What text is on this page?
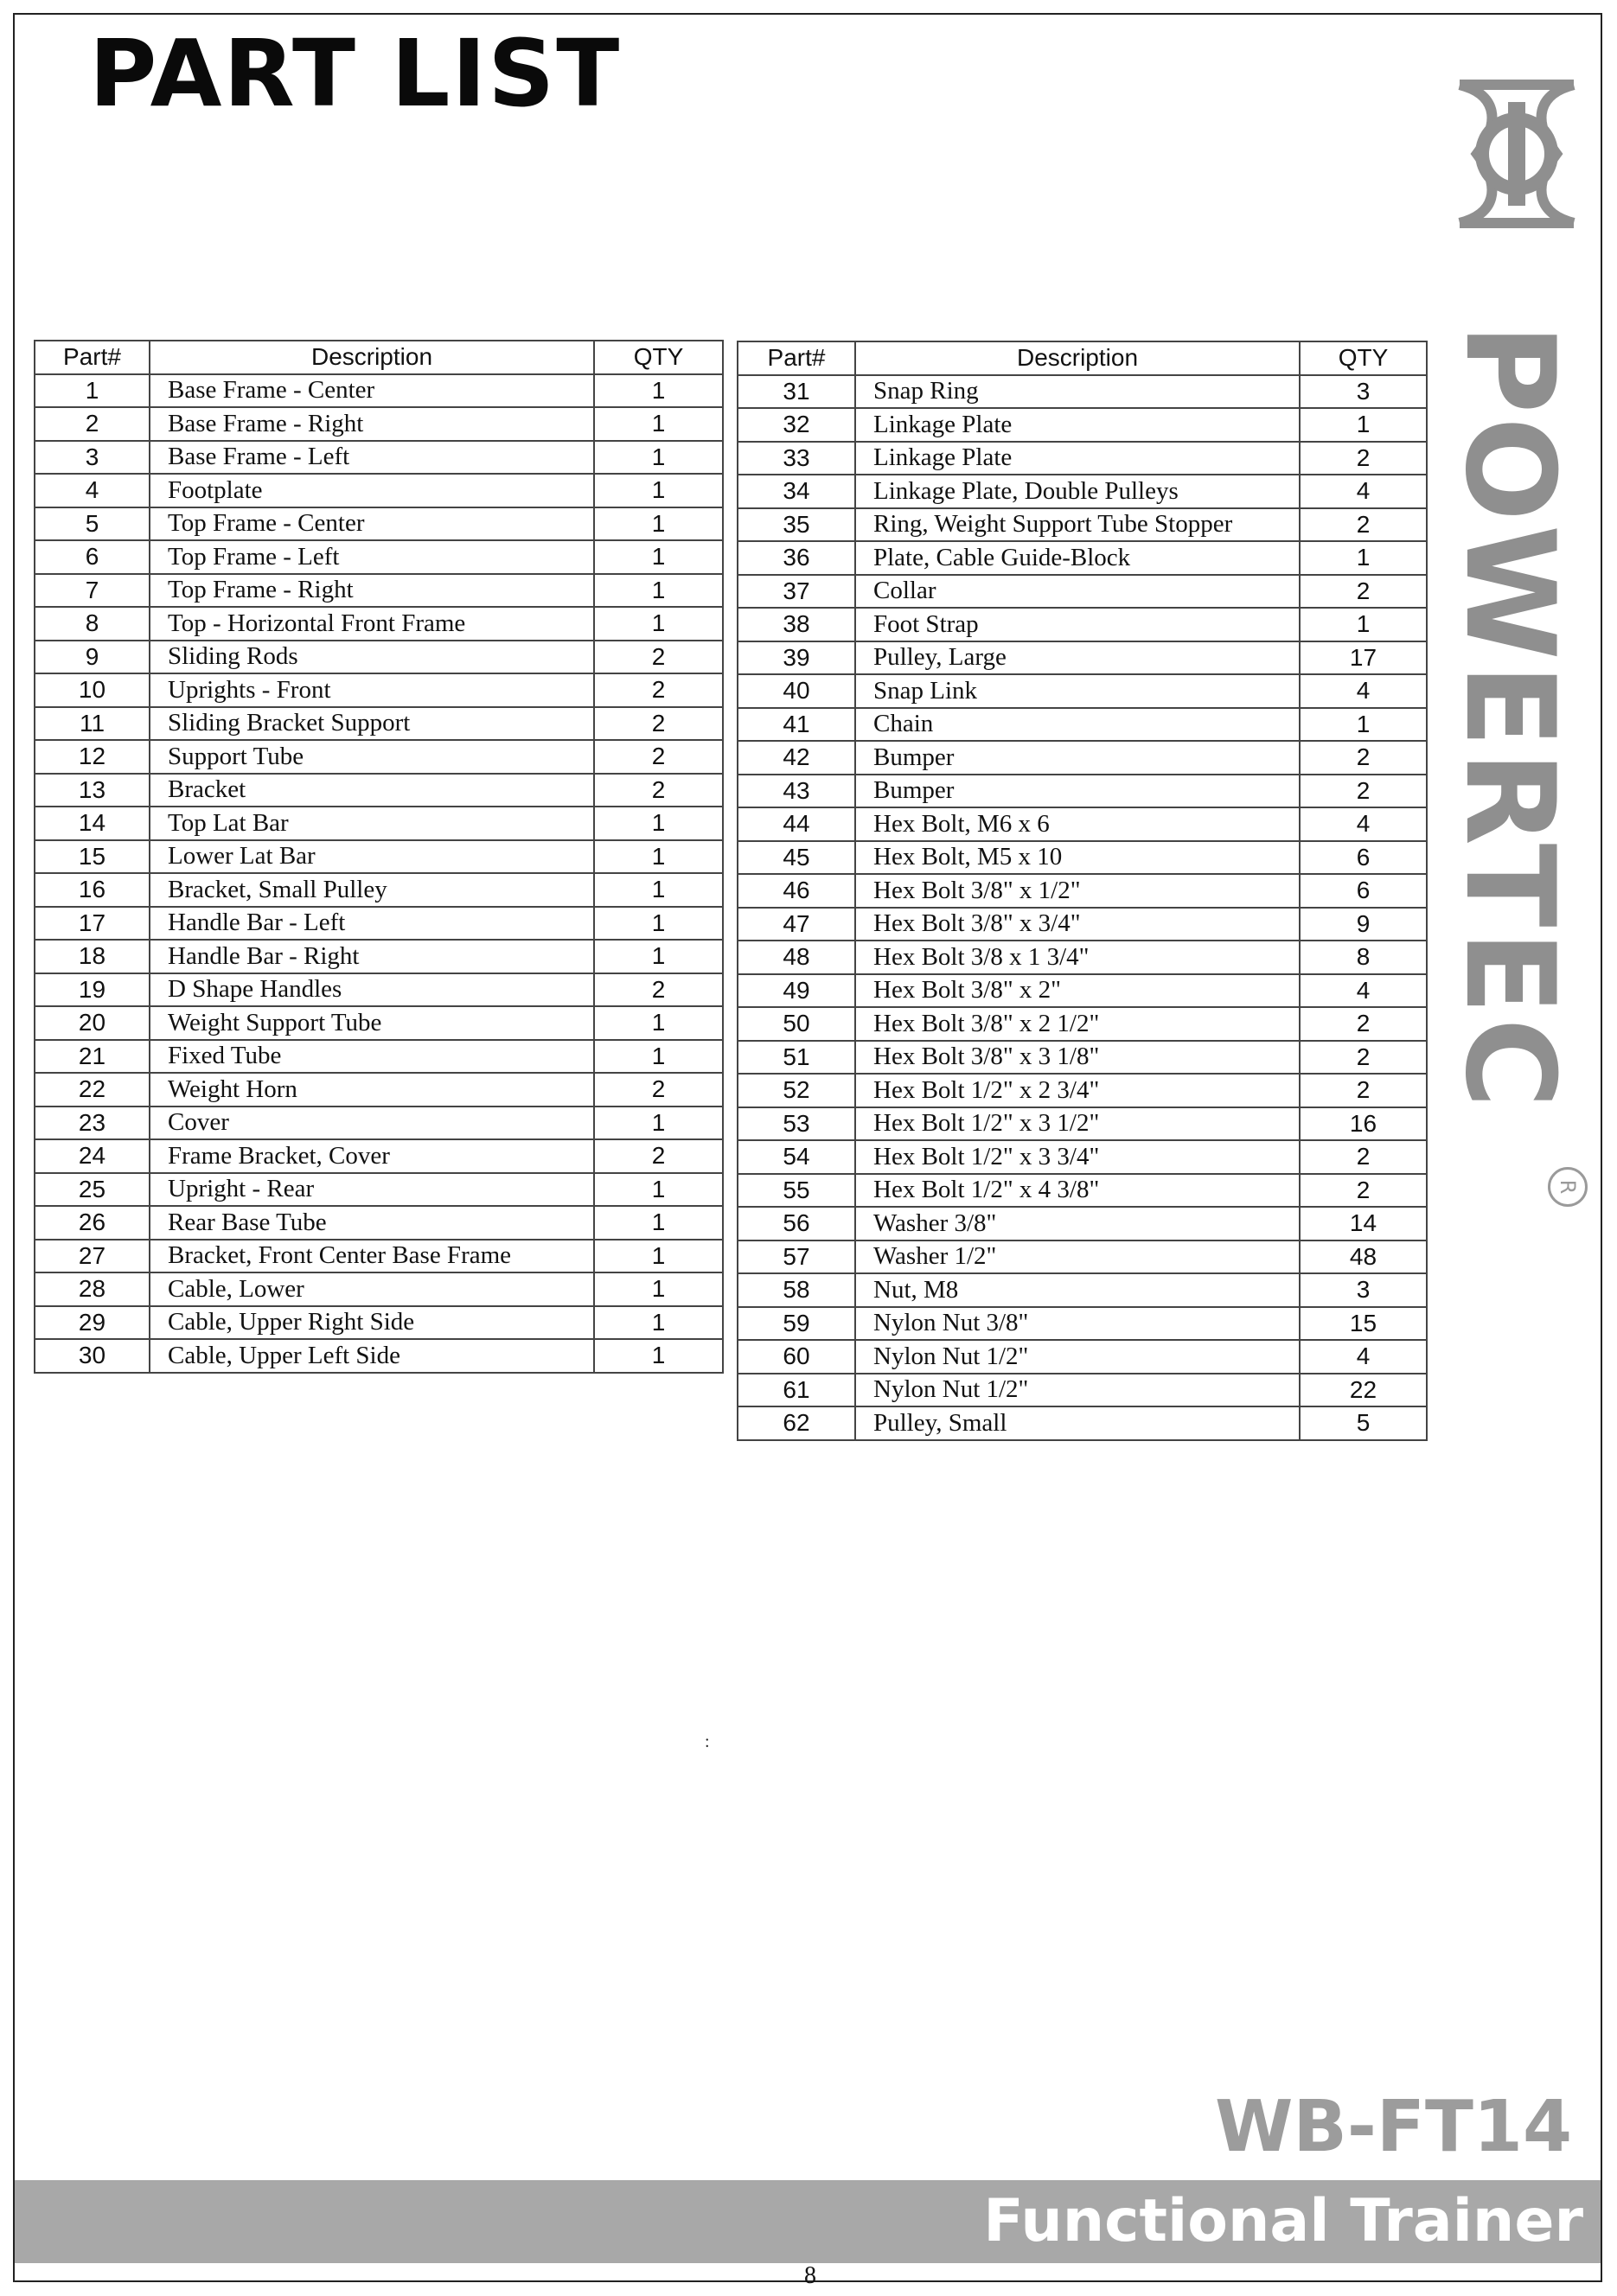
PART LIST
Part#	Description	QTY
1	Base Frame - Center	1
2	Base Frame - Right	1
3	Base Frame - Left	1
4	Footplate	1
5	Top Frame - Center	1
6	Top Frame - Left	1
7	Top Frame - Right	1
8	Top - Horizontal Front Frame	1
9	Sliding Rods	2
10	Uprights - Front	2
11	Sliding Bracket Support	2
12	Support Tube	2
13	Bracket	2
14	Top Lat Bar	1
15	Lower Lat Bar	1
16	Bracket, Small Pulley	1
17	Handle Bar - Left	1
18	Handle Bar - Right	1
19	D Shape Handles	2
20	Weight Support Tube	1
21	Fixed Tube	1
22	Weight Horn	2
23	Cover	1
24	Frame Bracket, Cover	2
25	Upright - Rear	1
26	Rear Base Tube	1
27	Bracket, Front Center Base Frame	1
28	Cable, Lower	1
29	Cable, Upper Right Side	1
30	Cable, Upper Left Side	1
Part#	Description	QTY
31	Snap Ring	3
32	Linkage Plate	1
33	Linkage Plate	2
34	Linkage Plate, Double Pulleys	4
35	Ring, Weight Support Tube Stopper	2
36	Plate, Cable Guide-Block	1
37	Collar	2
38	Foot Strap	1
39	Pulley, Large	17
40	Snap Link	4
41	Chain	1
42	Bumper	2
43	Bumper	2
44	Hex Bolt, M6 x 6	4
45	Hex Bolt, M5 x 10	6
46	Hex Bolt 3/8" x 1/2"	6
47	Hex Bolt 3/8" x 3/4"	9
48	Hex Bolt 3/8 x 1 3/4"	8
49	Hex Bolt 3/8" x 2"	4
50	Hex Bolt 3/8" x 2 1/2"	2
51	Hex Bolt 3/8" x 3 1/8"	2
52	Hex Bolt 1/2" x 2 3/4"	2
53	Hex Bolt 1/2" x 3 1/2"	16
54	Hex Bolt 1/2" x 3 3/4"	2
55	Hex Bolt 1/2" x 4 3/8"	2
56	Washer 3/8"	14
57	Washer 1/2"	48
58	Nut, M8	3
59	Nylon Nut 3/8"	15
60	Nylon Nut 1/2"	4
61	Nylon Nut 1/2"	22
62	Pulley, Small	5
POWERTEC
R
:
WB-FT14
Functional Trainer
8
